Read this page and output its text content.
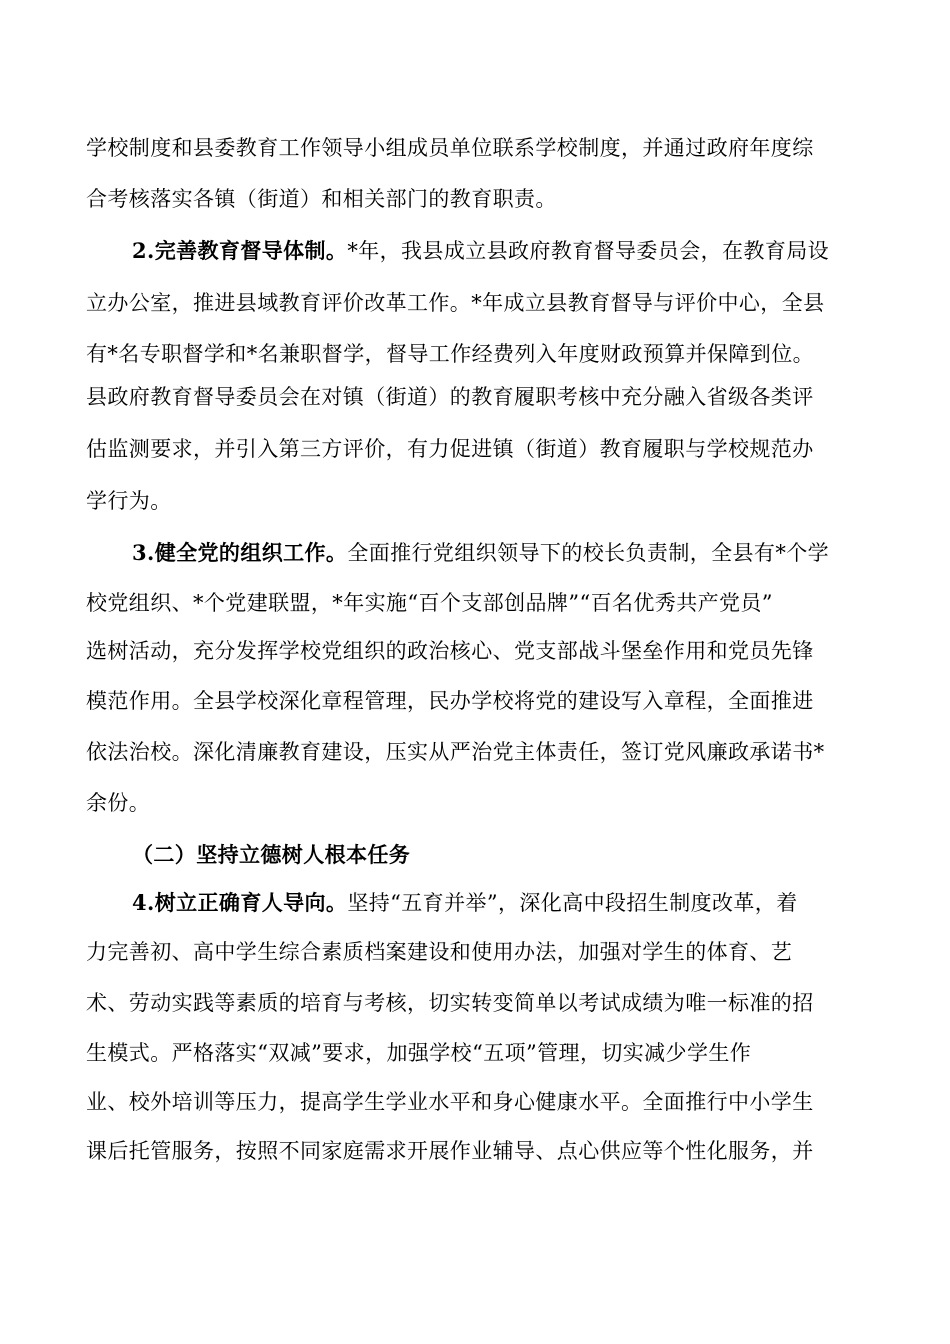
学校制度和县委教育工作领导小组成员单位联系学校制度，并通过政府年度综
合考核落实各镇（街道）和相关部门的教育职责。
2.完善教育督导体制。*年，我县成立县政府教育督导委员会，在教育局设
立办公室，推进县域教育评价改革工作。*年成立县教育督导与评价中心，全县
有*名专职督学和*名兼职督学，督导工作经费列入年度财政预算并保障到位。
县政府教育督导委员会在对镇（街道）的教育履职考核中充分融入省级各类评
估监测要求，并引入第三方评价，有力促进镇（街道）教育履职与学校规范办
学行为。
3.健全党的组织工作。全面推行党组织领导下的校长负责制，全县有*个学
校党组织、*个党建联盟，*年实施“百个支部创品牌”“百名优秀共产党员”
选树活动，充分发挥学校党组织的政治核心、党支部战斗堡垒作用和党员先锋
模范作用。全县学校深化章程管理，民办学校将党的建设写入章程，全面推进
依法治校。深化清廉教育建设，压实从严治党主体责任，签订党风廉政承诺书*
余份。
（二）坚持立德树人根本任务
4.树立正确育人导向。坚持“五育并举”，深化高中段招生制度改革，着
力完善初、高中学生综合素质档案建设和使用办法，加强对学生的体育、艺
术、劳动实践等素质的培育与考核，切实转变简单以考试成绩为唯一标准的招
生模式。严格落实“双减”要求，加强学校“五项”管理，切实减少学生作
业、校外培训等压力，提高学生学业水平和身心健康水平。全面推行中小学生
课后托管服务，按照不同家庭需求开展作业辅导、点心供应等个性化服务，并
